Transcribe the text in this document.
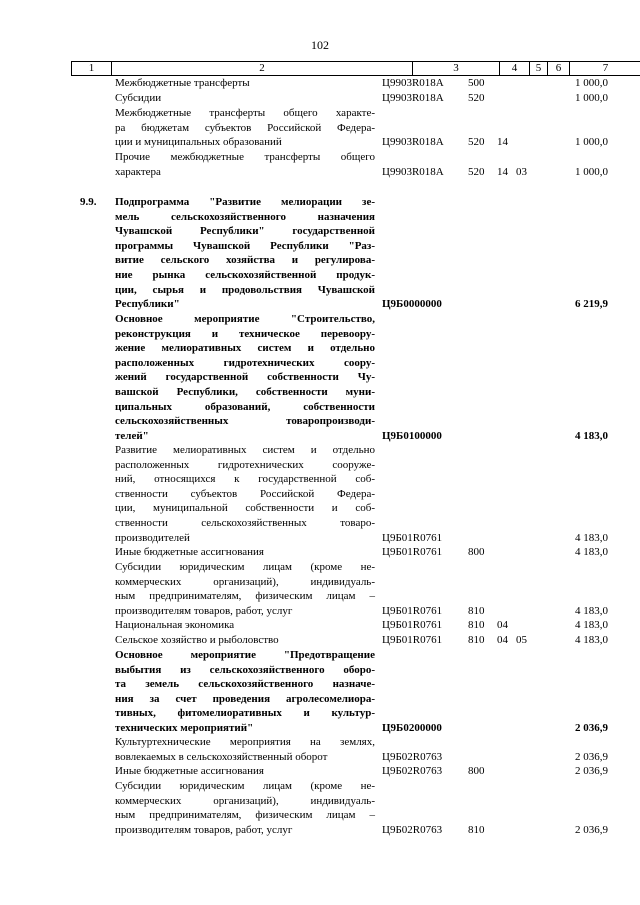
102
1	2	3	4	5	6	7
Межбюджетные трансферты	Ц9903R018A 500	1 000,0
Субсидии	Ц9903R018A 520	1 000,0
Межбюджетные трансферты общего характе-
ра бюджетам субъектов Российской Федера-
ции и муниципальных образований	Ц9903R018A 520 14	1 000,0
Прочие межбюджетные трансферты общего
характера	Ц9903R018A 520 14 03	1 000,0
9.9. Подпрограмма "Развитие мелиорации зе-
мель сельскохозяйственного назначения
Чувашской Республики" государственной
программы Чувашской Республики "Раз-
витие сельского хозяйства и регулирова-
ние рынка сельскохозяйственной продук-
ции, сырья и продовольствия Чувашской
Республики"	Ц9Б0000000	6 219,9
Основное мероприятие "Строительство,
реконструкция и техническое перевоору-
жение мелиоративных систем и отдельно
расположенных гидротехнических соору-
жений государственной собственности Чу-
вашской Республики, собственности муни-
ципальных образований, собственности
сельскохозяйственных товаропроизводи-
телей"	Ц9Б0100000	4 183,0
Развитие мелиоративных систем и отдельно
расположенных гидротехнических сооруже-
ний, относящихся к государственной соб-
ственности субъектов Российской Федера-
ции, муниципальной собственности и соб-
ственности сельскохозяйственных товаро-
производителей	Ц9Б01R0761	4 183,0
Иные бюджетные ассигнования	Ц9Б01R0761 800	4 183,0
Субсидии юридическим лицам (кроме не-
коммерческих организаций), индивидуаль-
ным предпринимателям, физическим лицам –
производителям товаров, работ, услуг	Ц9Б01R0761 810	4 183,0
Национальная экономика	Ц9Б01R0761 810 04	4 183,0
Сельское хозяйство и рыболовство	Ц9Б01R0761 810 04 05	4 183,0
Основное мероприятие "Предотвращение
выбытия из сельскохозяйственного оборо-
та земель сельскохозяйственного назначе-
ния за счет проведения агролесомелиора-
тивных, фитомелиоративных и культур-
технических мероприятий"	Ц9Б0200000	2 036,9
Культуртехнические мероприятия на землях,
вовлекаемых в сельскохозяйственный оборот	Ц9Б02R0763	2 036,9
Иные бюджетные ассигнования	Ц9Б02R0763 800	2 036,9
Субсидии юридическим лицам (кроме не-
коммерческих организаций), индивидуаль-
ным предпринимателям, физическим лицам –
производителям товаров, работ, услуг	Ц9Б02R0763 810	2 036,9
